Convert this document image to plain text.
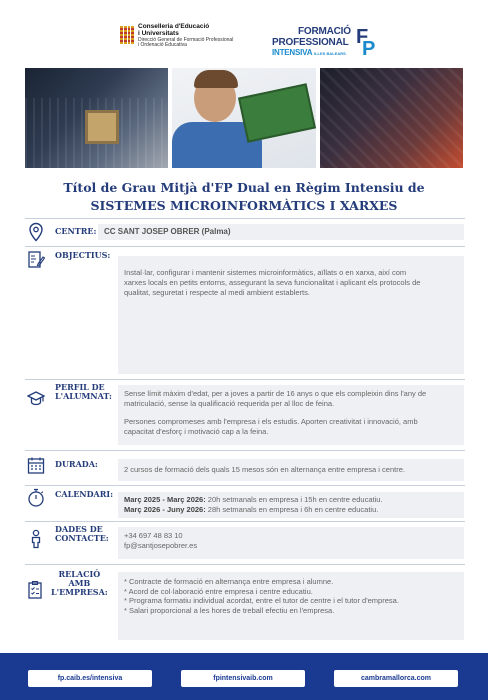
Conselleria d'Educació
i Universitats
Direcció General de Formació Professional
i Ordenació Educativa
FORMACIÓ
PROFESSIONAL
INTENSIVA ILLES BALEARS
F
P
Títol de Grau Mitjà d'FP Dual en Règim Intensiu de
SISTEMES MICROINFORMÀTICS I XARXES
CENTRE: CC SANT JOSEP OBRER (Palma)
OBJECTIUS:
Instal·lar, configurar i mantenir sistemes microinformàtics, aïllats o en xarxa, així com
xarxes locals en petits entorns, assegurant la seva funcionalitat i aplicant els protocols de
qualitat, seguretat i respecte al medi ambient establerts.
PERFIL DE
L'ALUMNAT: Sense límit màxim d'edat, per a joves a partir de 16 anys o que els compleixin dins l'any de
matriculació, sense la qualificació requerida per al lloc de feina.

Persones compromeses amb l'empresa i els estudis. Aporten creativitat i innovació, amb
capacitat d'esforç i motivació cap a la feina.

DURADA:
2 cursos de formació dels quals 15 mesos són en alternança entre empresa i centre.
CALENDARI:
Març 2025 - Març 2026: 20h setmanals en empresa i 15h en centre educatiu.
Març 2026 - Juny 2026: 28h setmanals en empresa i 6h en centre educatiu.
DADES DE
CONTACTE: +34 697 48 83 10
fp@santjosepobrer.es
RELACIÓ
AMB
L'EMPRESA:
* Contracte de formació en alternança entre empresa i alumne.
* Acord de col·laboració entre empresa i centre educatiu.
* Programa formatiu individual acordat, entre el tutor de centre i el tutor d'empresa.
* Salari proporcional a les hores de treball efectiu en l'empresa.
fp.caib.es/intensiva	fpintensivaib.com	cambramallorca.com
